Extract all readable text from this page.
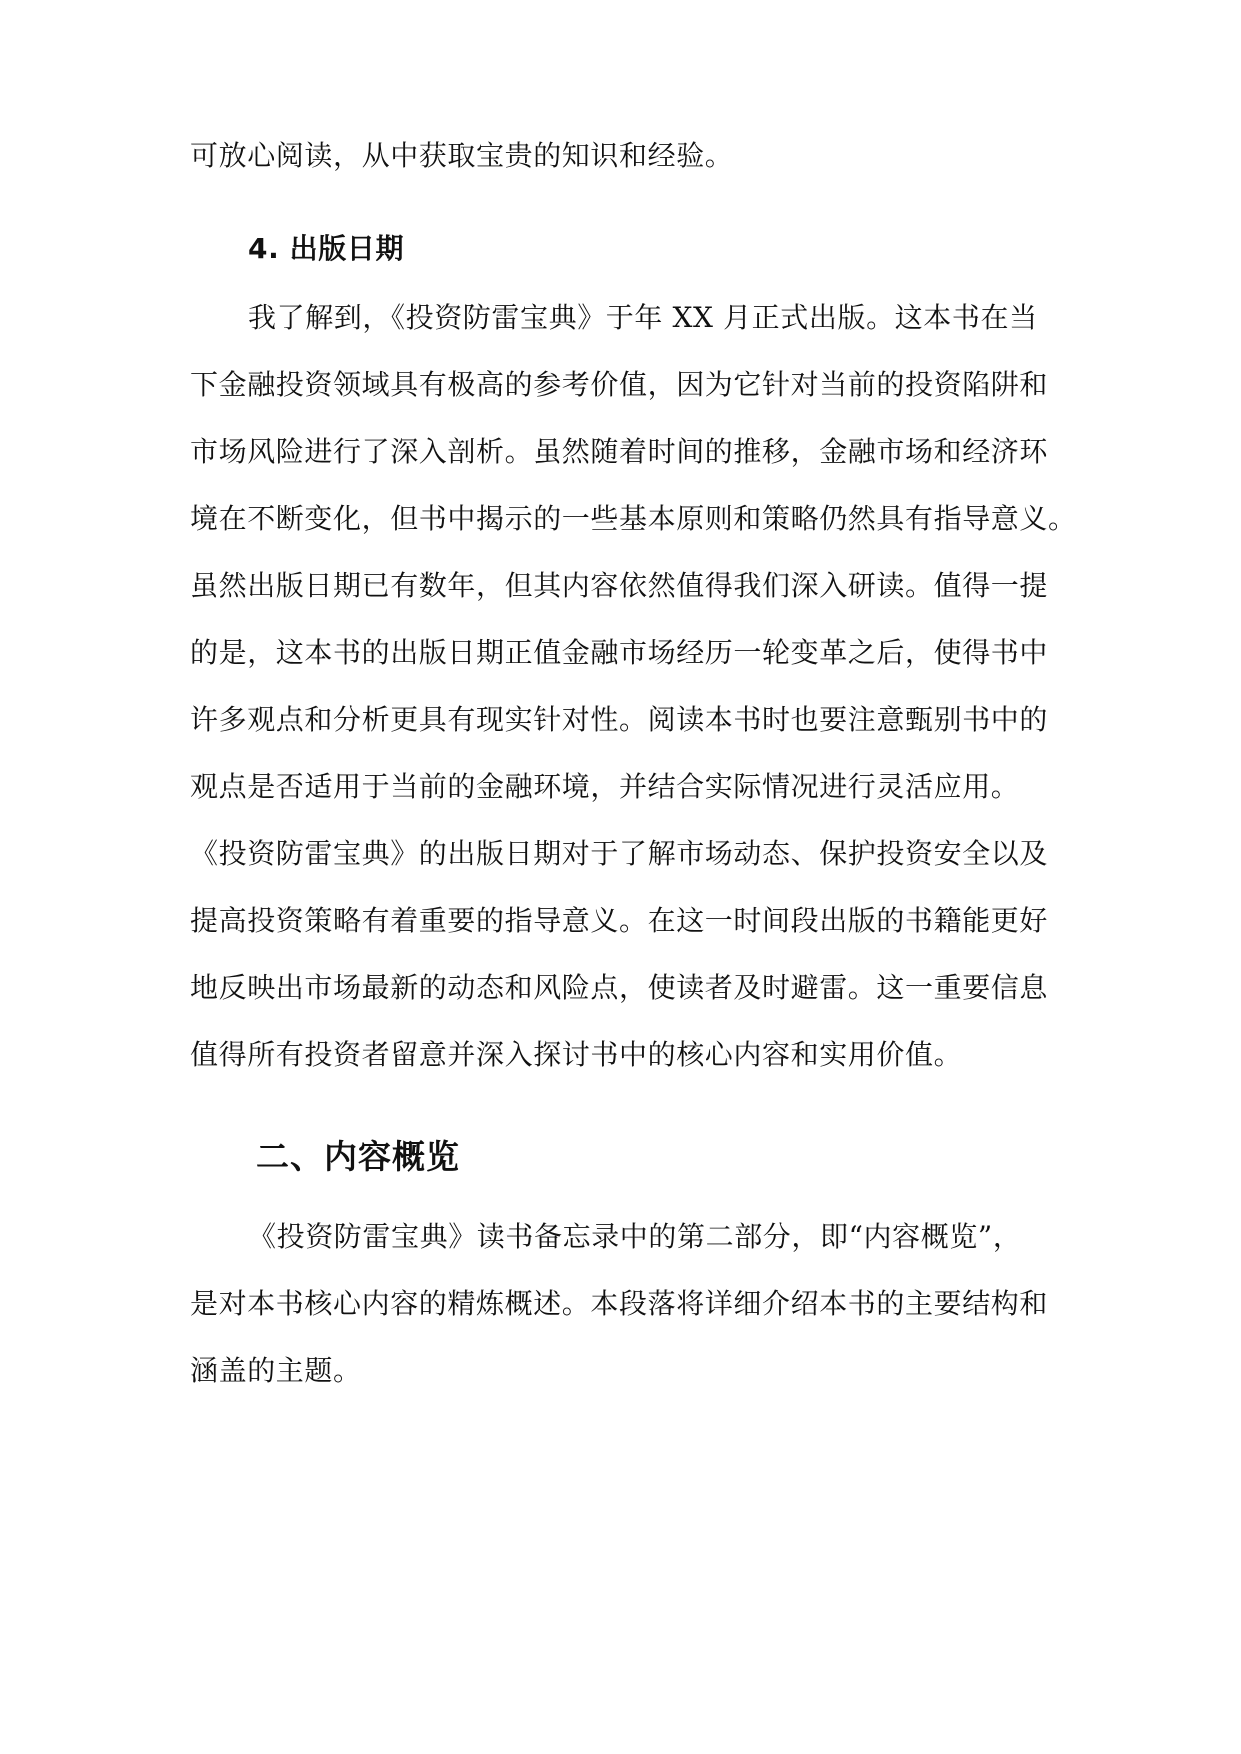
可放心阅读，从中获取宝贵的知识和经验。

4. 出版日期

我了解到，《投资防雷宝典》于年 XX 月正式出版。这本书在当

下金融投资领域具有极高的参考价值，因为它针对当前的投资陷阱和

市场风险进行了深入剖析。虽然随着时间的推移，金融市场和经济环

境在不断变化，但书中揭示的一些基本原则和策略仍然具有指导意义。

虽然出版日期已有数年，但其内容依然值得我们深入研读。值得一提

的是，这本书的出版日期正值金融市场经历一轮变革之后，使得书中

许多观点和分析更具有现实针对性。阅读本书时也要注意甄别书中的

观点是否适用于当前的金融环境，并结合实际情况进行灵活应用。

《投资防雷宝典》的出版日期对于了解市场动态、保护投资安全以及

提高投资策略有着重要的指导意义。在这一时间段出版的书籍能更好

地反映出市场最新的动态和风险点，使读者及时避雷。这一重要信息

值得所有投资者留意并深入探讨书中的核心内容和实用价值。

二、内容概览

《投资防雷宝典》读书备忘录中的第二部分，即“内容概览”，

是对本书核心内容的精炼概述。本段落将详细介绍本书的主要结构和

涵盖的主题。
